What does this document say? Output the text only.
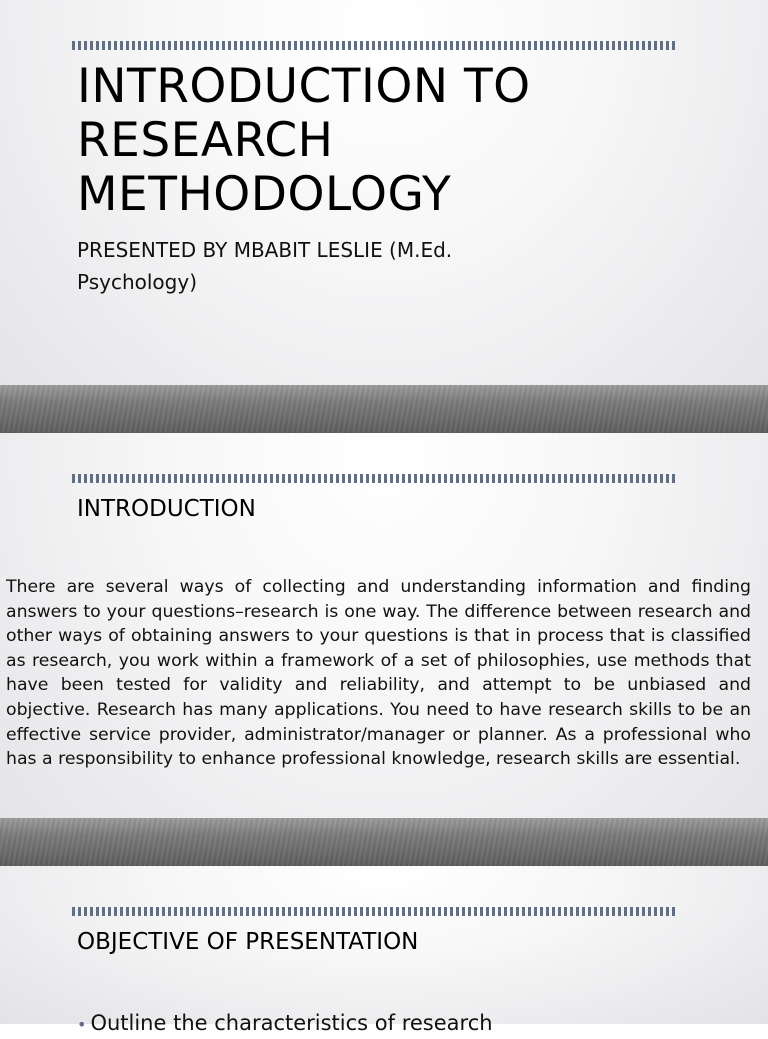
INTRODUCTION TO RESEARCH METHODOLOGY

PRESENTED BY MBABIT LESLIE (M.Ed. Psychology)

INTRODUCTION

There are several ways of collecting and understanding information and finding answers to your questions–research is one way. The difference between research and other ways of obtaining answers to your questions is that in process that is classified as research, you work within a framework of a set of philosophies, use methods that have been tested for validity and reliability, and attempt to be unbiased and objective. Research has many applications. You need to have research skills to be an effective service provider, administrator/manager or planner. As a professional who has a responsibility to enhance professional knowledge, research skills are essential.

OBJECTIVE OF PRESENTATION
• Outline the characteristics of research
